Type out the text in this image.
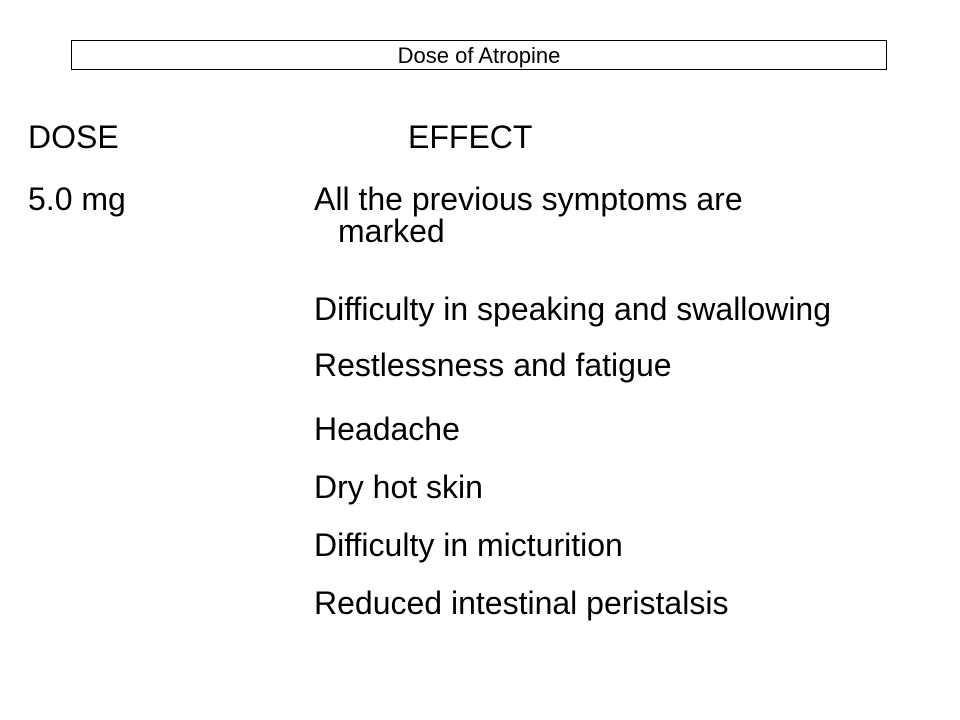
Dose of Atropine
DOSE	EFFECT
5.0 mg	All the previous symptoms are
marked
Difficulty in speaking and swallowing
Restlessness and fatigue
Headache
Dry hot skin
Difficulty in micturition
Reduced intestinal peristalsis
